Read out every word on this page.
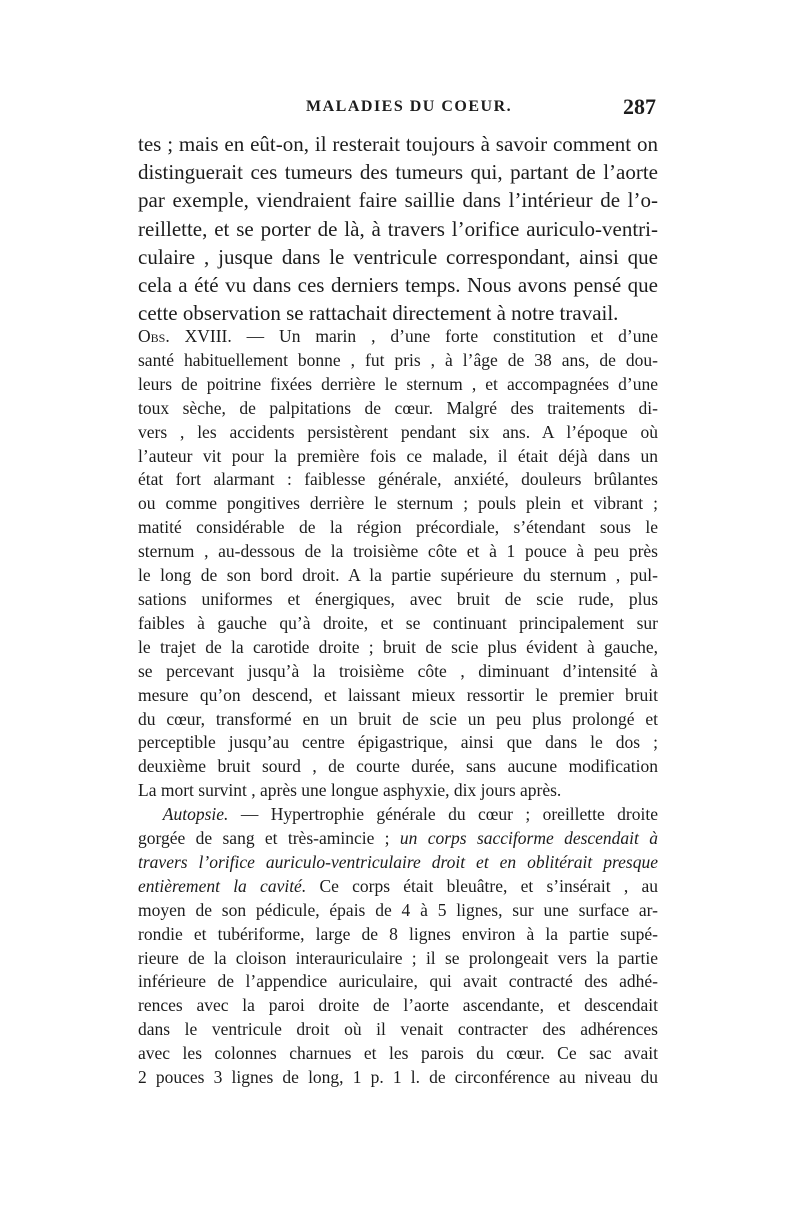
MALADIES DU COEUR.	287
tes ; mais en eût-on, il resterait toujours à savoir comment on
distinguerait ces tumeurs des tumeurs qui, partant de l’aorte
par exemple, viendraient faire saillie dans l’intérieur de l’o-
reillette, et se porter de là, à travers l’orifice auriculo-ventri-
culaire , jusque dans le ventricule correspondant, ainsi que
cela a été vu dans ces derniers temps. Nous avons pensé que
cette observation se rattachait directement à notre travail.
Obs. XVIII. — Un marin , d’une forte constitution et d’une
santé habituellement bonne , fut pris , à l’âge de 38 ans, de dou-
leurs de poitrine fixées derrière le sternum , et accompagnées d’une
toux sèche, de palpitations de cœur. Malgré des traitements di-
vers , les accidents persistèrent pendant six ans. A l’époque où
l’auteur vit pour la première fois ce malade, il était déjà dans un
état fort alarmant : faiblesse générale, anxiété, douleurs brûlantes
ou comme pongitives derrière le sternum ; pouls plein et vibrant ;
matité considérable de la région précordiale, s’étendant sous le
sternum , au-dessous de la troisième côte et à 1 pouce à peu près
le long de son bord droit. A la partie supérieure du sternum , pul-
sations uniformes et énergiques, avec bruit de scie rude, plus
faibles à gauche qu’à droite, et se continuant principalement sur
le trajet de la carotide droite ; bruit de scie plus évident à gauche,
se percevant jusqu’à la troisième côte , diminuant d’intensité à
mesure qu’on descend, et laissant mieux ressortir le premier bruit
du cœur, transformé en un bruit de scie un peu plus prolongé et
perceptible jusqu’au centre épigastrique, ainsi que dans le dos ;
deuxième bruit sourd , de courte durée, sans aucune modification
La mort survint , après une longue asphyxie, dix jours après.
Autopsie. — Hypertrophie générale du cœur ; oreillette droite
gorgée de sang et très-amincie ; un corps sacciforme descendait à
travers l’orifice auriculo-ventriculaire droit et en oblitérait presque
entièrement la cavité. Ce corps était bleuâtre, et s’insérait , au
moyen de son pédicule, épais de 4 à 5 lignes, sur une surface ar-
rondie et tubériforme, large de 8 lignes environ à la partie supé-
rieure de la cloison interauriculaire ; il se prolongeait vers la partie
inférieure de l’appendice auriculaire, qui avait contracté des adhé-
rences avec la paroi droite de l’aorte ascendante, et descendait
dans le ventricule droit où il venait contracter des adhérences
avec les colonnes charnues et les parois du cœur. Ce sac avait
2 pouces 3 lignes de long, 1 p. 1 l. de circonférence au niveau du
